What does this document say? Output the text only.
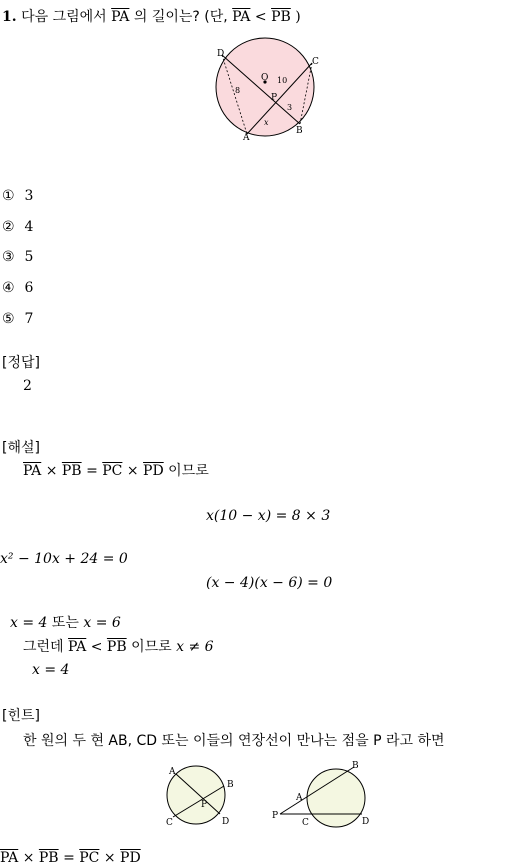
1. 다음 그림에서 $\overline{PA}$ 의 길이는? (단, $\overline{PA} < \overline{PB}$ )
D
C
O
P
A
B
10
8
3
x
① 3
② 4
③ 5
④ 6
⑤ 7
[정답]
2
[해설]
$\overline{PA} \times \overline{PB} = \overline{PC} \times \overline{PD}$ 이므로
x(10 − x) = 8 × 3
x² − 10x + 24 = 0
(x − 4)(x − 6) = 0
x = 4 또는 x = 6
그런데 $\overline{PA} < \overline{PB}$ 이므로 x ≠ 6
x = 4
[힌트]
한 원의 두 현 AB, CD 또는 이들의 연장선이 만나는 점을 P 라고 하면
A
B
C	D
P
P
A
B
C	D
$\overline{PA} \times \overline{PB} = \overline{PC} \times \overline{PD}$
